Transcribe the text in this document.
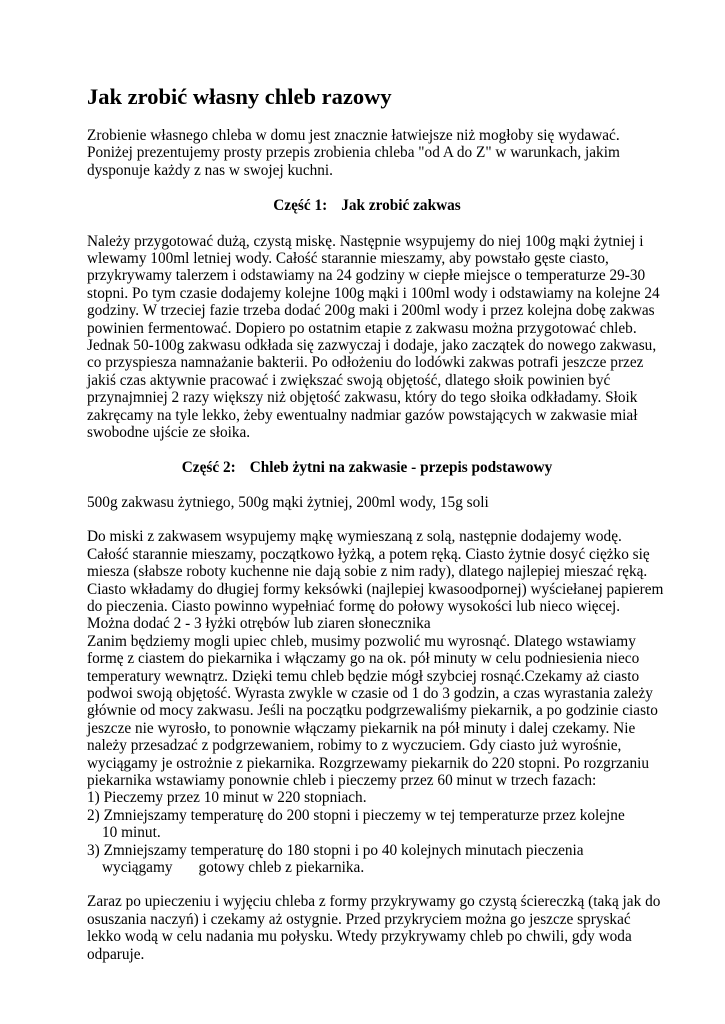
Jak zrobić własny chleb razowy
Zrobienie własnego chleba w domu jest znacznie łatwiejsze niż mogłoby się wydawać.
Poniżej prezentujemy prosty przepis zrobienia chleba "od A do Z" w warunkach, jakim
dysponuje każdy z nas w swojej kuchni.
Część 1: Jak zrobić zakwas
Należy przygotować dużą, czystą miskę. Następnie wsypujemy do niej 100g mąki żytniej i
wlewamy 100ml letniej wody. Całość starannie mieszamy, aby powstało gęste ciasto,
przykrywamy talerzem i odstawiamy na 24 godziny w ciepłe miejsce o temperaturze 29-30
stopni. Po tym czasie dodajemy kolejne 100g mąki i 100ml wody i odstawiamy na kolejne 24
godziny. W trzeciej fazie trzeba dodać 200g maki i 200ml wody i przez kolejna dobę zakwas
powinien fermentować. Dopiero po ostatnim etapie z zakwasu można przygotować chleb.
Jednak 50-100g zakwasu odkłada się zazwyczaj i dodaje, jako zaczątek do nowego zakwasu,
co przyspiesza namnażanie bakterii. Po odłożeniu do lodówki zakwas potrafi jeszcze przez
jakiś czas aktywnie pracować i zwiększać swoją objętość, dlatego słoik powinien być
przynajmniej 2 razy większy niż objętość zakwasu, który do tego słoika odkładamy. Słoik
zakręcamy na tyle lekko, żeby ewentualny nadmiar gazów powstających w zakwasie miał
swobodne ujście ze słoika.
Część 2: Chleb żytni na zakwasie - przepis podstawowy

500g zakwasu żytniego, 500g mąki żytniej, 200ml wody, 15g soli

Do miski z zakwasem wsypujemy mąkę wymieszaną z solą, następnie dodajemy wodę.
Całość starannie mieszamy, początkowo łyżką, a potem ręką. Ciasto żytnie dosyć ciężko się
miesza (słabsze roboty kuchenne nie dają sobie z nim rady), dlatego najlepiej mieszać ręką.
Ciasto wkładamy do długiej formy keksówki (najlepiej kwasoodpornej) wyściełanej papierem
do pieczenia. Ciasto powinno wypełniać formę do połowy wysokości lub nieco więcej.
Można dodać 2 - 3 łyżki otrębów lub ziaren słonecznika
Zanim będziemy mogli upiec chleb, musimy pozwolić mu wyrosnąć. Dlatego wstawiamy
formę z ciastem do piekarnika i włączamy go na ok. pół minuty w celu podniesienia nieco
temperatury wewnątrz. Dzięki temu chleb będzie mógł szybciej rosnąć.Czekamy aż ciasto
podwoi swoją objętość. Wyrasta zwykle w czasie od 1 do 3 godzin, a czas wyrastania zależy
głównie od mocy zakwasu. Jeśli na początku podgrzewaliśmy piekarnik, a po godzinie ciasto
jeszcze nie wyrosło, to ponownie włączamy piekarnik na pół minuty i dalej czekamy. Nie
należy przesadzać z podgrzewaniem, robimy to z wyczuciem. Gdy ciasto już wyrośnie,
wyciągamy je ostrożnie z piekarnika. Rozgrzewamy piekarnik do 220 stopni. Po rozgrzaniu
piekarnika wstawiamy ponownie chleb i pieczemy przez 60 minut w trzech fazach:
1) Pieczemy przez 10 minut w 220 stopniach.
2) Zmniejszamy temperaturę do 200 stopni i pieczemy w tej temperaturze przez kolejne
10 minut.
3) Zmniejszamy temperaturę do 180 stopni i po 40 kolejnych minutach pieczenia
wyciągamy gotowy chleb z piekarnika.
Zaraz po upieczeniu i wyjęciu chleba z formy przykrywamy go czystą ściereczką (taką jak do
osuszania naczyń) i czekamy aż ostygnie. Przed przykryciem można go jeszcze spryskać
lekko wodą w celu nadania mu połysku. Wtedy przykrywamy chleb po chwili, gdy woda
odparuje.
